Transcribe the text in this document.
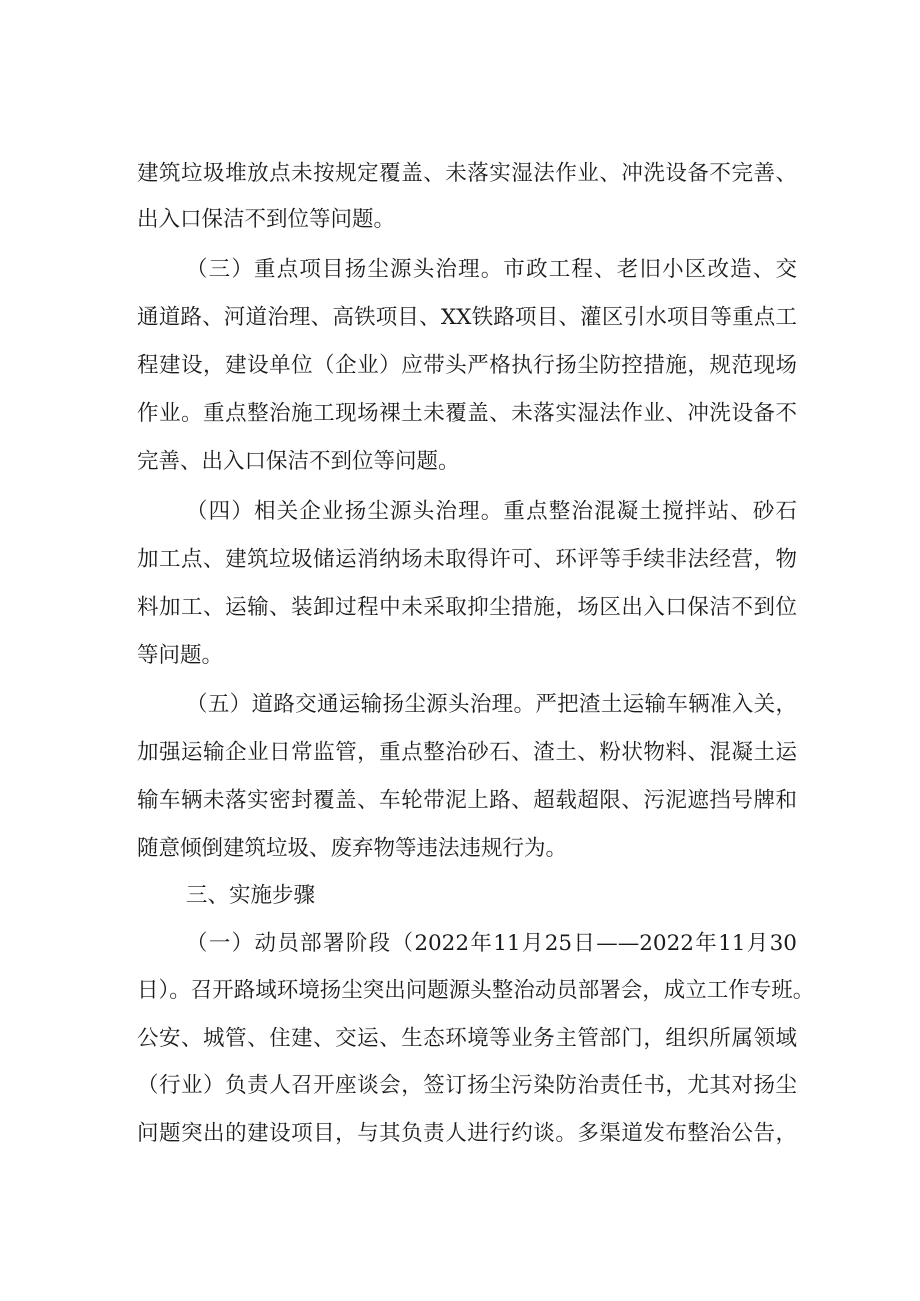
建筑垃圾堆放点未按规定覆盖、未落实湿法作业、冲洗设备不完善、
出入口保洁不到位等问题。
（三）重点项目扬尘源头治理。市政工程、老旧小区改造、交
通道路、河道治理、高铁项目、XX铁路项目、灌区引水项目等重点工
程建设，建设单位（企业）应带头严格执行扬尘防控措施，规范现场
作业。重点整治施工现场裸土未覆盖、未落实湿法作业、冲洗设备不
完善、出入口保洁不到位等问题。
（四）相关企业扬尘源头治理。重点整治混凝土搅拌站、砂石
加工点、建筑垃圾储运消纳场未取得许可、环评等手续非法经营，物
料加工、运输、装卸过程中未采取抑尘措施，场区出入口保洁不到位
等问题。
（五）道路交通运输扬尘源头治理。严把渣土运输车辆准入关，
加强运输企业日常监管，重点整治砂石、渣土、粉状物料、混凝土运
输车辆未落实密封覆盖、车轮带泥上路、超载超限、污泥遮挡号牌和
随意倾倒建筑垃圾、废弃物等违法违规行为。
三、实施步骤
（一）动员部署阶段（2022年11月25日——2022年11月30
日）。召开路域环境扬尘突出问题源头整治动员部署会，成立工作专班。
公安、城管、住建、交运、生态环境等业务主管部门，组织所属领域
（行业）负责人召开座谈会，签订扬尘污染防治责任书，尤其对扬尘
问题突出的建设项目，与其负责人进行约谈。多渠道发布整治公告，
